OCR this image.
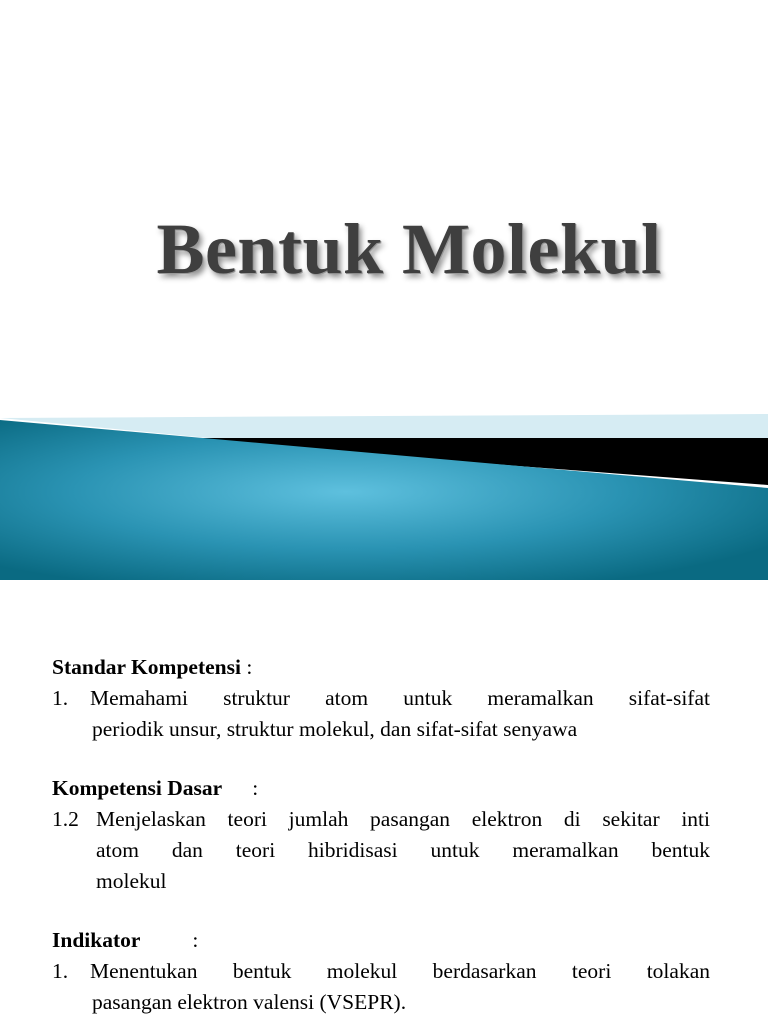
Bentuk Molekul
Standar Kompetensi :
1.	Memahami struktur atom untuk meramalkan sifat-sifat
periodik unsur, struktur molekul, dan sifat-sifat senyawa
Kompetensi Dasar :
1.2 Menjelaskan teori jumlah pasangan elektron di sekitar inti
atom dan teori hibridisasi untuk meramalkan bentuk
molekul
Indikator :
1.	Menentukan bentuk molekul berdasarkan teori tolakan
pasangan elektron valensi (VSEPR).
